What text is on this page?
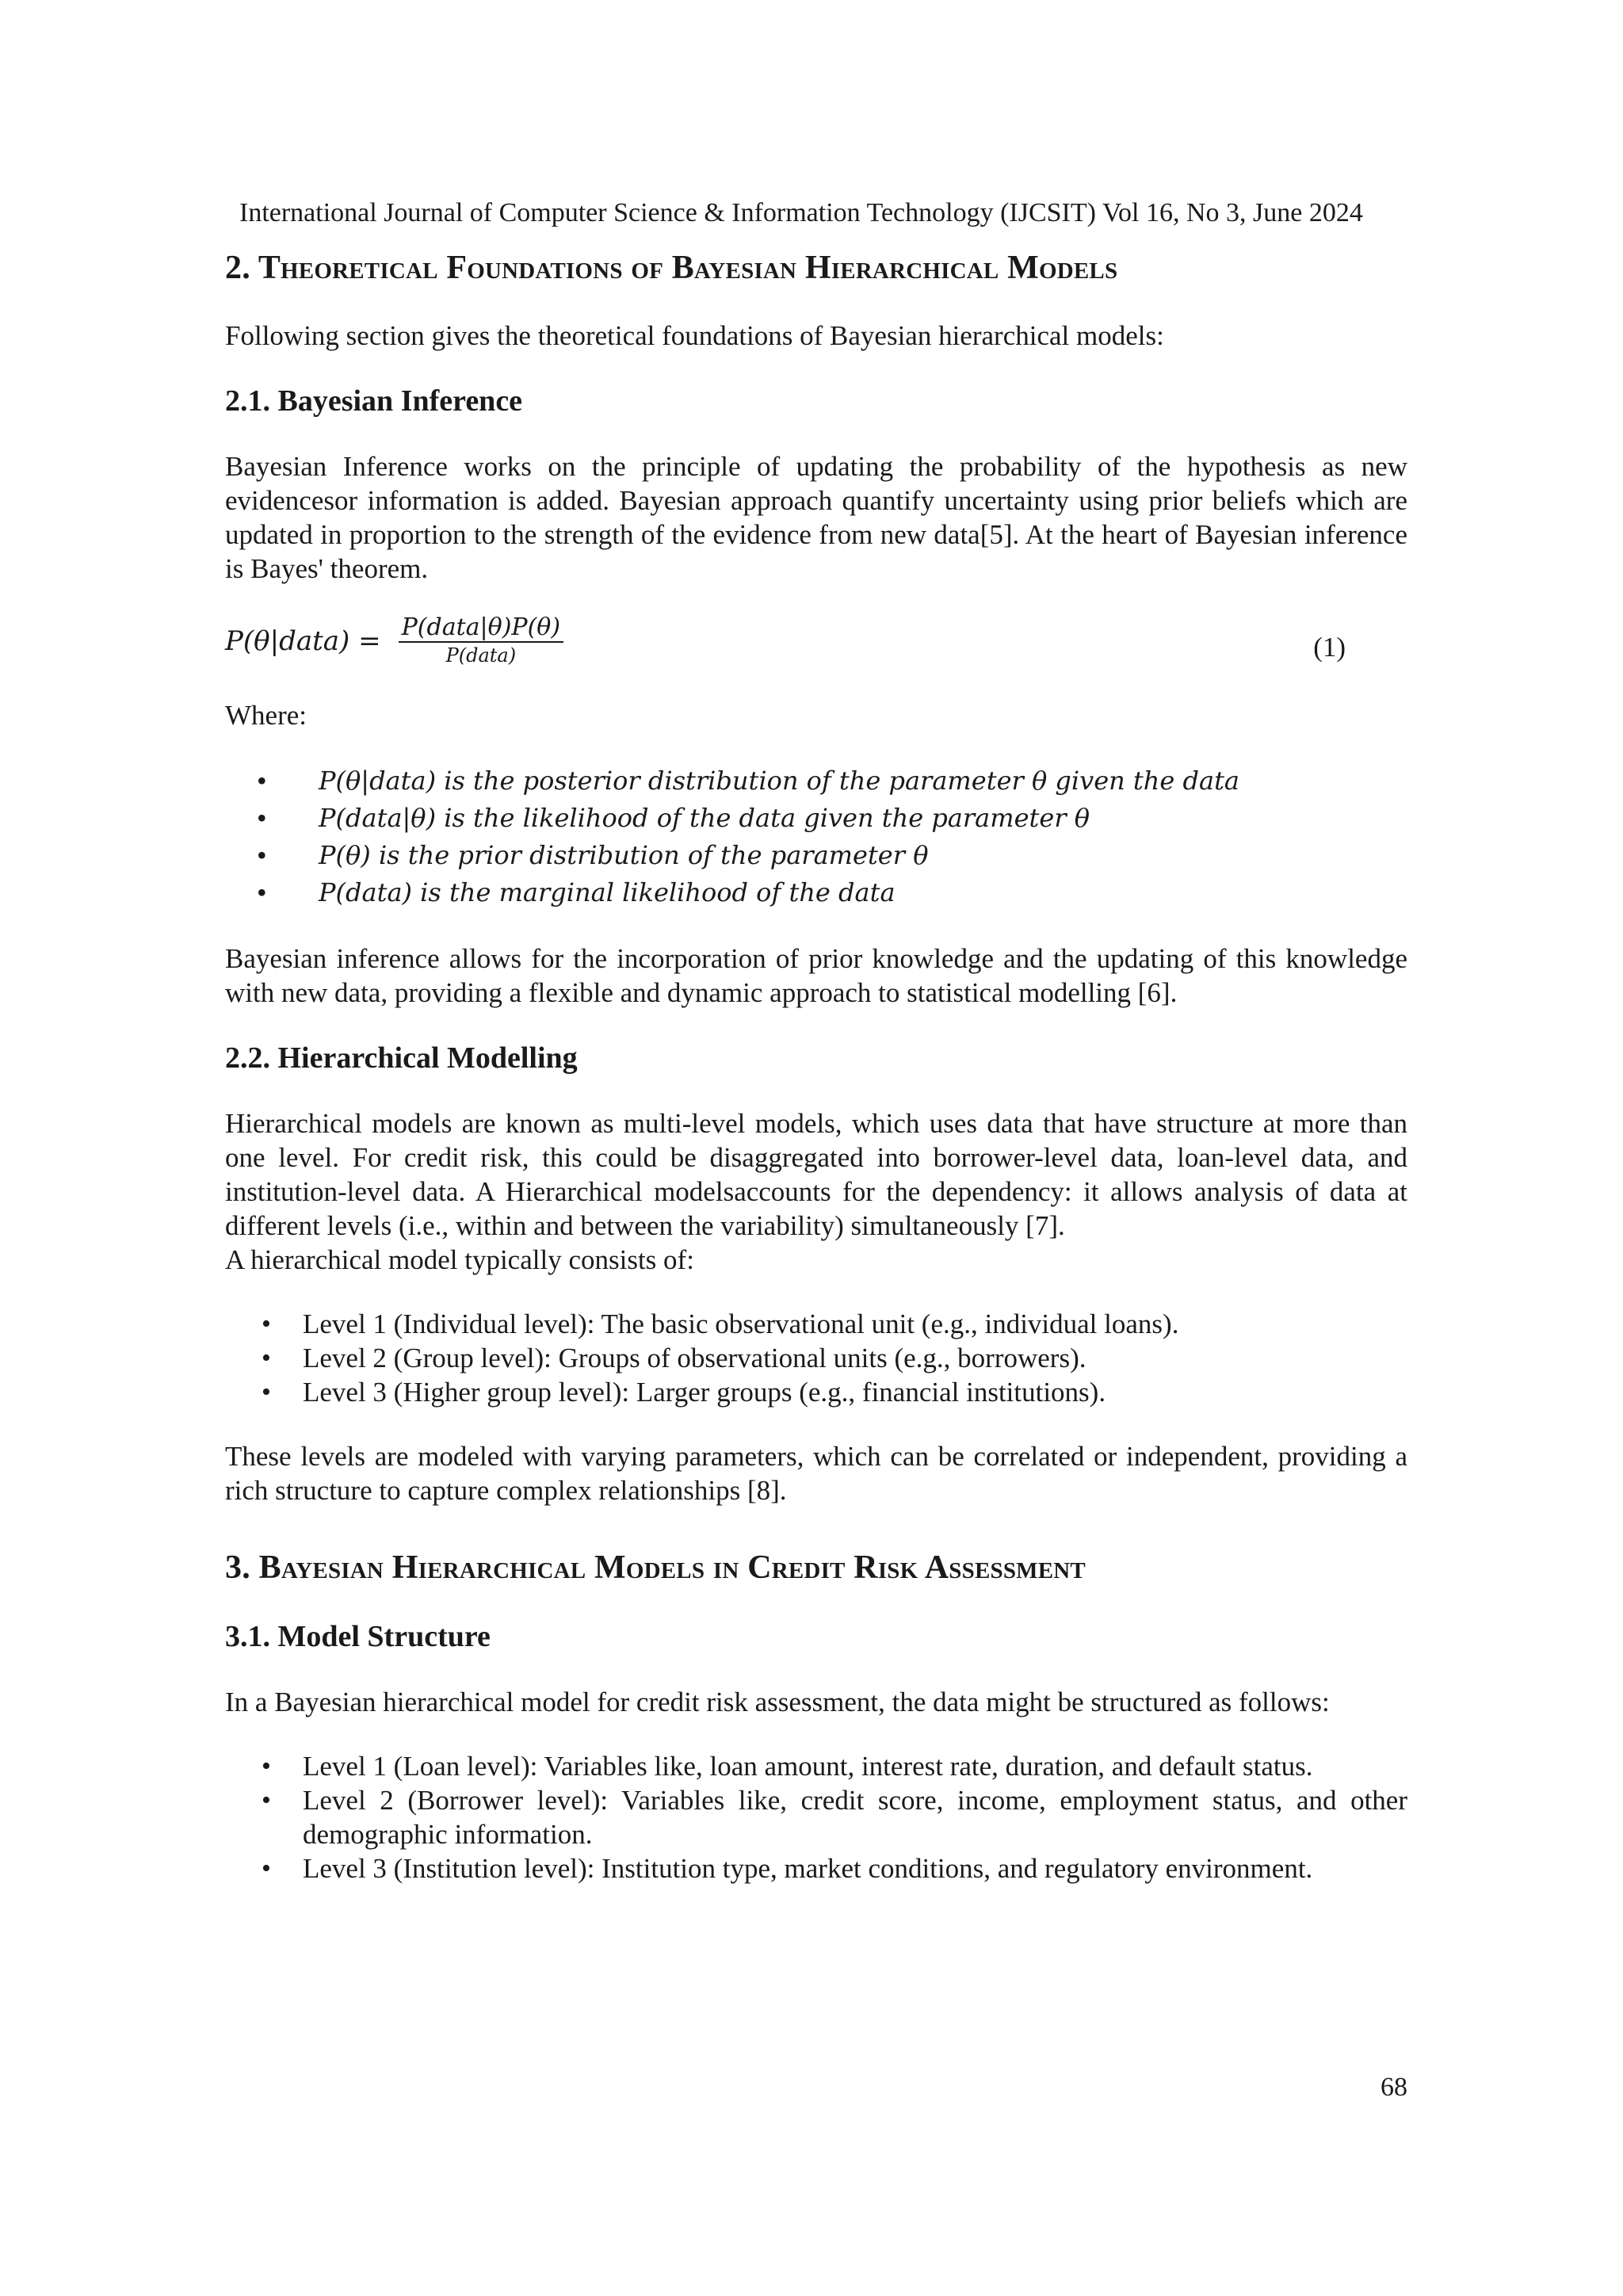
International Journal of Computer Science & Information Technology (IJCSIT) Vol 16, No 3, June 2024
2. Theoretical Foundations of Bayesian Hierarchical Models

Following section gives the theoretical foundations of Bayesian hierarchical models:

2.1. Bayesian Inference

Bayesian Inference works on the principle of updating the probability of the hypothesis as new evidencesor information is added. Bayesian approach quantify uncertainty using prior beliefs which are updated in proportion to the strength of the evidence from new data[5]. At the heart of Bayesian inference is Bayes' theorem.

P(θ|data) = $\frac{\text{P(data|θ)P(θ)}}{\text{P(data)}}$	(1)

Where:

• P(θ|data) is the posterior distribution of the parameter θ given the data
• P(data|θ) is the likelihood of the data given the parameter θ
• P(θ) is the prior distribution of the parameter θ
• P(data) is the marginal likelihood of the data

Bayesian inference allows for the incorporation of prior knowledge and the updating of this knowledge with new data, providing a flexible and dynamic approach to statistical modelling [6].

2.2. Hierarchical Modelling

Hierarchical models are known as multi-level models, which uses data that have structure at more than one level. For credit risk, this could be disaggregated into borrower-level data, loan-level data, and institution-level data. A Hierarchical modelsaccounts for the dependency: it allows analysis of data at different levels (i.e., within and between the variability) simultaneously [7].

A hierarchical model typically consists of:

• Level 1 (Individual level): The basic observational unit (e.g., individual loans).
• Level 2 (Group level): Groups of observational units (e.g., borrowers).
• Level 3 (Higher group level): Larger groups (e.g., financial institutions).

These levels are modeled with varying parameters, which can be correlated or independent, providing a rich structure to capture complex relationships [8].

3. Bayesian Hierarchical Models in Credit Risk Assessment
3.1. Model Structure

In a Bayesian hierarchical model for credit risk assessment, the data might be structured as follows:

• Level 1 (Loan level): Variables like, loan amount, interest rate, duration, and default status.
• Level 2 (Borrower level): Variables like, credit score, income, employment status, and other demographic information.
• Level 3 (Institution level): Institution type, market conditions, and regulatory environment.
68
